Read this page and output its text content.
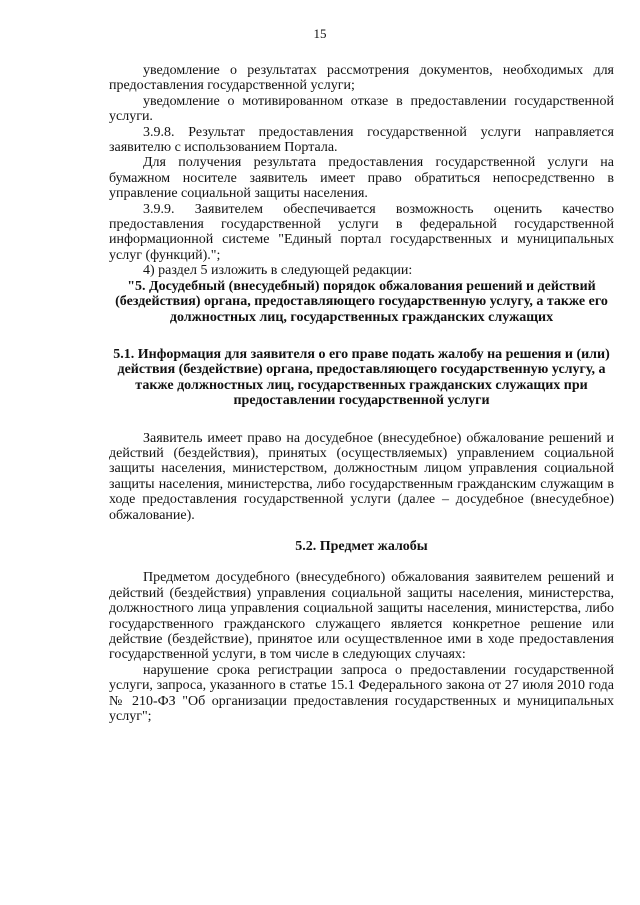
15

уведомление о результатах рассмотрения документов, необходимых для предоставления государственной услуги;

уведомление о мотивированном отказе в предоставлении государственной услуги.

3.9.8. Результат предоставления государственной услуги направляется заявителю с использованием Портала.

Для получения результата предоставления государственной услуги на бумажном носителе заявитель имеет право обратиться непосредственно в управление социальной защиты населения.

3.9.9. Заявителем обеспечивается возможность оценить качество предоставления государственной услуги в федеральной государственной информационной системе "Единый портал государственных и муниципальных услуг (функций).";

4) раздел 5 изложить в следующей редакции:

"5. Досудебный (внесудебный) порядок обжалования решений и действий (бездействия) органа, предоставляющего государственную услугу, а также его должностных лиц, государственных гражданских служащих

5.1. Информация для заявителя о его праве подать жалобу на решения и (или) действия (бездействие) органа, предоставляющего государственную услугу, а также должностных лиц, государственных гражданских служащих при предоставлении государственной услуги

Заявитель имеет право на досудебное (внесудебное) обжалование решений и действий (бездействия), принятых (осуществляемых) управлением социальной защиты населения, министерством, должностным лицом управления социальной защиты населения, министерства, либо государственным гражданским служащим в ходе предоставления государственной услуги (далее – досудебное (внесудебное) обжалование).

5.2. Предмет жалобы

Предметом досудебного (внесудебного) обжалования заявителем решений и действий (бездействия) управления социальной защиты населения, министерства, должностного лица управления социальной защиты населения, министерства, либо государственного гражданского служащего является конкретное решение или действие (бездействие), принятое или осуществленное ими в ходе предоставления государственной услуги, в том числе в следующих случаях:

нарушение срока регистрации запроса о предоставлении государственной услуги, запроса, указанного в статье 15.1 Федерального закона от 27 июля 2010 года № 210-ФЗ "Об организации предоставления государственных и муниципальных услуг";
